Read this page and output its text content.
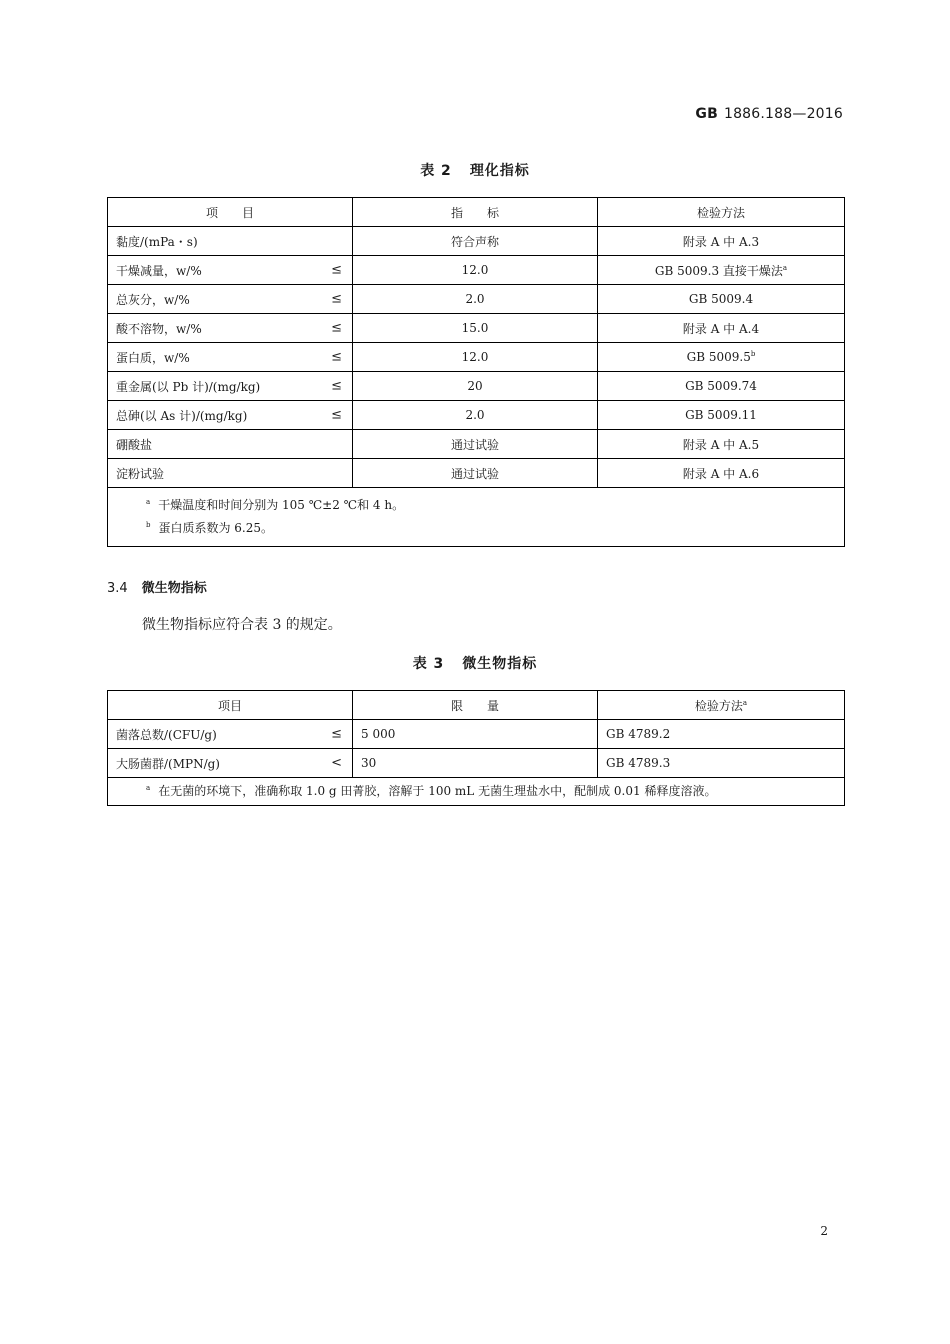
GB 1886.188—2016
表 2 理化指标
项　　目	指　　标	检验方法
黏度/(mPa・s)	符合声称	附录 A 中 A.3
干燥减量，w/% ≤	12.0	GB 5009.3 直接干燥法$^a$
总灰分，w/% ≤	2.0	GB 5009.4
酸不溶物，w/% ≤	15.0	附录 A 中 A.4
蛋白质，w/% ≤	12.0	GB 5009.5$^b$
重金属(以 Pb 计)/(mg/kg) ≤	20	GB 5009.74
总砷(以 As 计)/(mg/kg) ≤	2.0	GB 5009.11
硼酸盐	通过试验	附录 A 中 A.5
淀粉试验	通过试验	附录 A 中 A.6

$^a$ 干燥温度和时间分别为 105 ℃±2 ℃和 4 h。
$^b$ 蛋白质系数为 6.25。		
3.4 微生物指标
微生物指标应符合表 3 的规定。
表 3 微生物指标
项目	限　　量	检验方法$^a$
菌落总数/(CFU/g) ≤	5 000	GB 4789.2
大肠菌群/(MPN/g) <	30	GB 4789.3

$^a$ 在无菌的环境下，准确称取 1.0 g 田菁胶，溶解于 100 mL 无菌生理盐水中，配制成 0.01 稀释度溶液。		
2
